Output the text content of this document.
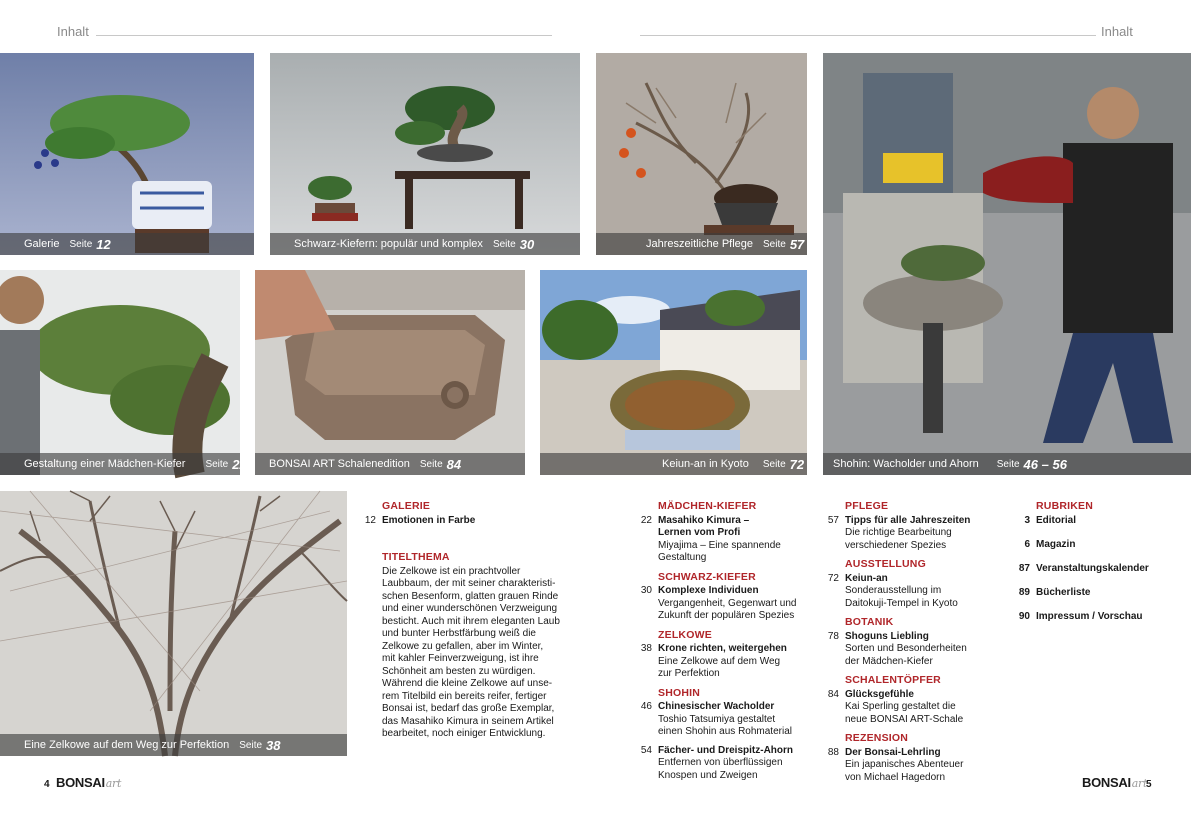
Inhalt	Inhalt
Galerie Seite 12	Schwarz-Kiefern: populär und komplex Seite 30	Jahreszeitliche Pflege Seite 57
Shohin: Wacholder und Ahorn Seite 46 – 56
Gestaltung einer Mädchen-Kiefer Seite 22 BONSAI ART Schalenedition Seite 84	Keiun-an in Kyoto Seite 72
Eine Zelkowe auf dem Weg zur Perfektion Seite 38
GALERIE
12 Emotionen in Farbe
TITELTHEMA
Die Zelkowe ist ein prachtvoller
Laubbaum, der mit seiner charakteristi-
schen Besenform, glatten grauen Rinde
und einer wunderschönen Verzweigung
besticht. Auch mit ihrem eleganten Laub
und bunter Herbstfärbung weiß die
Zelkowe zu gefallen, aber im Winter,
mit kahler Feinverzweigung, ist ihre
Schönheit am besten zu würdigen.
Während die kleine Zelkowe auf unse-
rem Titelbild ein bereits reifer, fertiger
Bonsai ist, bedarf das große Exemplar,
das Masahiko Kimura in seinem Artikel
bearbeitet, noch einiger Entwicklung.
MÄDCHEN-KIEFER
22 Masahiko Kimura –
Lernen vom Profi
Miyajima – Eine spannende
Gestaltung
SCHWARZ-KIEFER
30 Komplexe Individuen
Vergangenheit, Gegenwart und
Zukunft der populären Spezies
ZELKOWE
38 Krone richten, weitergehen
Eine Zelkowe auf dem Weg
zur Perfektion
SHOHIN
46 Chinesischer Wacholder
Toshio Tatsumiya gestaltet
einen Shohin aus Rohmaterial
54 Fächer- und Dreispitz-Ahorn
Entfernen von überflüssigen
Knospen und Zweigen
PFLEGE
57 Tipps für alle Jahreszeiten
Die richtige Bearbeitung
verschiedener Spezies
AUSSTELLUNG
72 Keiun-an
Sonderausstellung im
Daitokuji-Tempel in Kyoto
BOTANIK
78 Shoguns Liebling
Sorten und Besonderheiten
der Mädchen-Kiefer
SCHALENTÖPFER
84 Glücksgefühle
Kai Sperling gestaltet die
neue BONSAI ART-Schale
REZENSION
88 Der Bonsai-Lehrling
Ein japanisches Abenteuer
von Michael Hagedorn
RUBRIKEN
3 Editorial
6 Magazin
87 Veranstaltungskalender
89 Bücherliste
90 Impressum / Vorschau
4 BONSAIart	BONSAIart
5
